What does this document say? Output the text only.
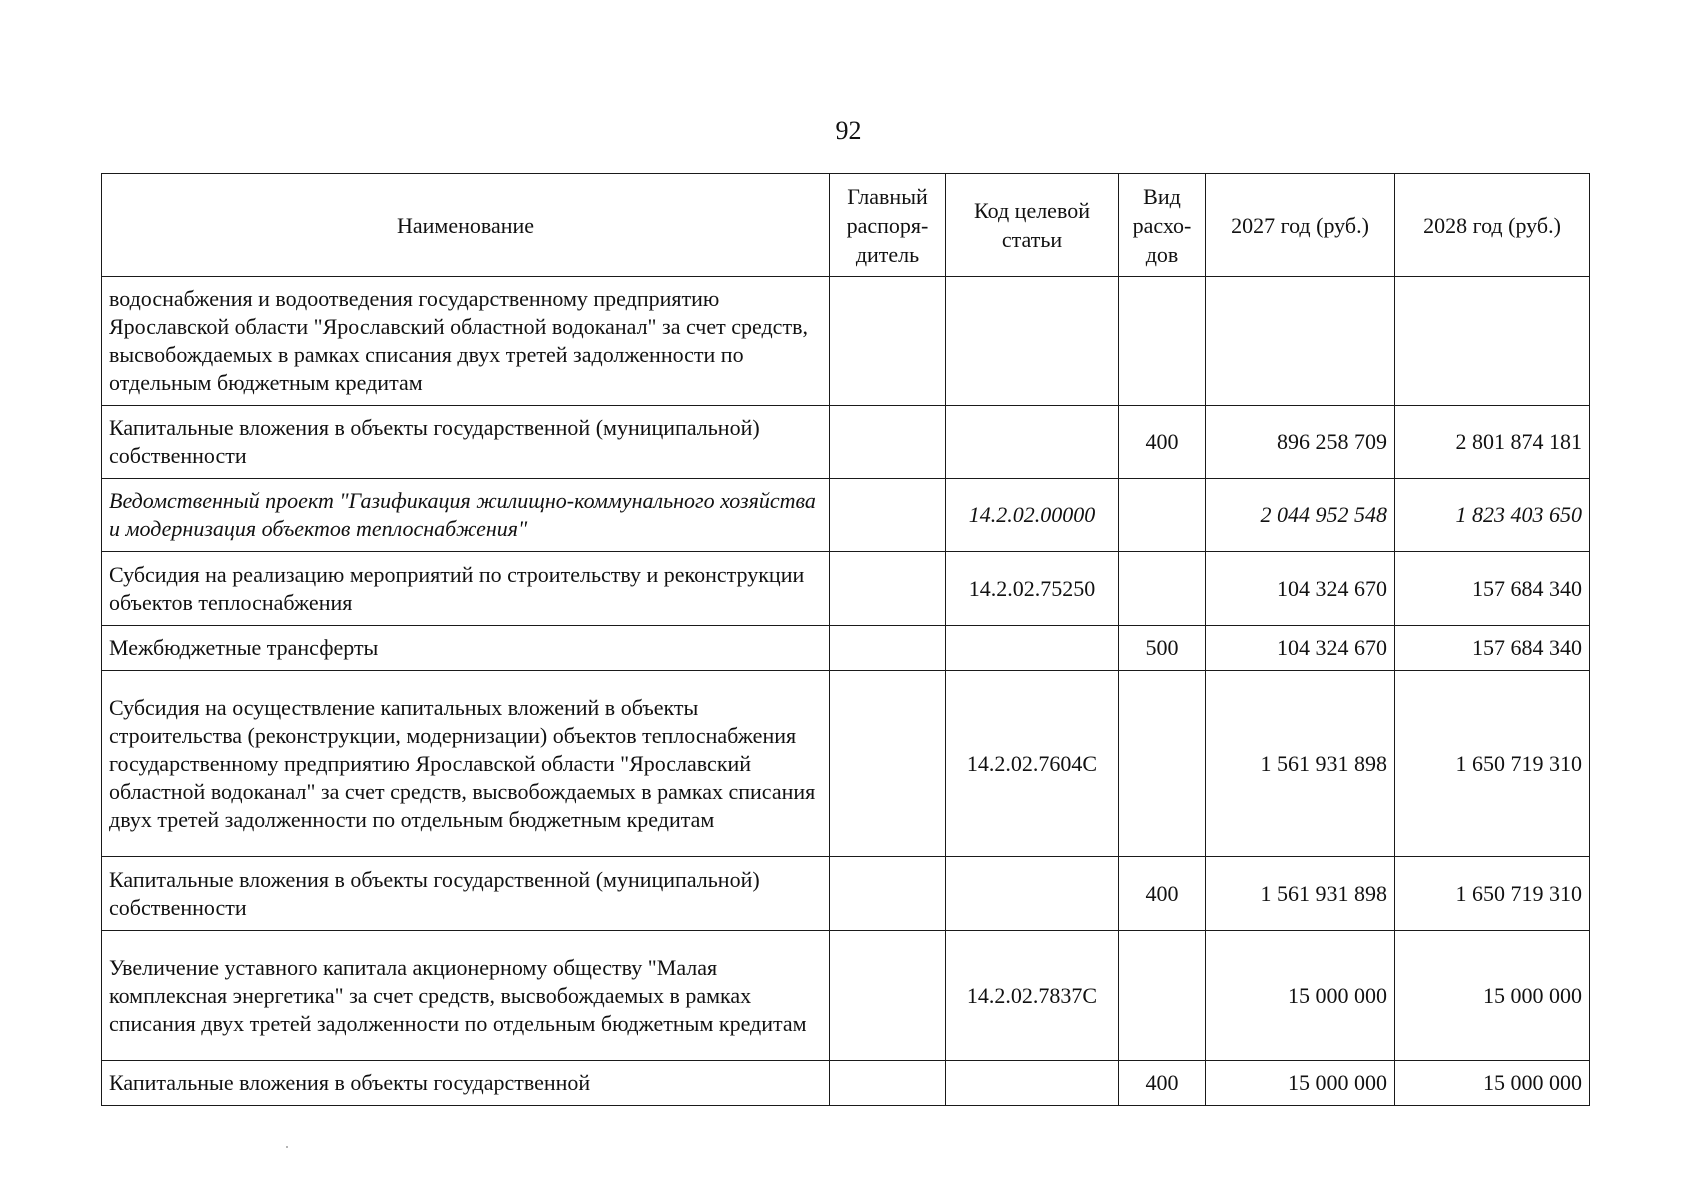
92
Наименование	Главный распоря-дитель	Код целевой статьи	Вид расхо-дов	2027 год (руб.)	2028 год (руб.)
водоснабжения и водоотведения государственному предприятию Ярославской области "Ярославский областной водоканал" за счет средств, высвобождаемых в рамках списания двух третей задолженности по отдельным бюджетным кредитам					
Капитальные вложения в объекты государственной (муниципальной) собственности			400	896 258 709	2 801 874 181
Ведомственный проект "Газификация жилищно-коммунального хозяйства и модернизация объектов теплоснабжения"		14.2.02.00000		2 044 952 548	1 823 403 650
Субсидия на реализацию мероприятий по строительству и реконструкции объектов теплоснабжения		14.2.02.75250		104 324 670	157 684 340
Межбюджетные трансферты			500	104 324 670	157 684 340
Субсидия на осуществление капитальных вложений в объекты строительства (реконструкции, модернизации) объектов теплоснабжения государственному предприятию Ярославской области "Ярославский областной водоканал" за счет средств, высвобождаемых в рамках списания двух третей задолженности по отдельным бюджетным кредитам		14.2.02.7604C		1 561 931 898	1 650 719 310
Капитальные вложения в объекты государственной (муниципальной) собственности			400	1 561 931 898	1 650 719 310
Увеличение уставного капитала акционерному обществу "Малая комплексная энергетика" за счет средств, высвобождаемых в рамках списания двух третей задолженности по отдельным бюджетным кредитам		14.2.02.7837C		15 000 000	15 000 000
Капитальные вложения в объекты государственной			400	15 000 000	15 000 000
